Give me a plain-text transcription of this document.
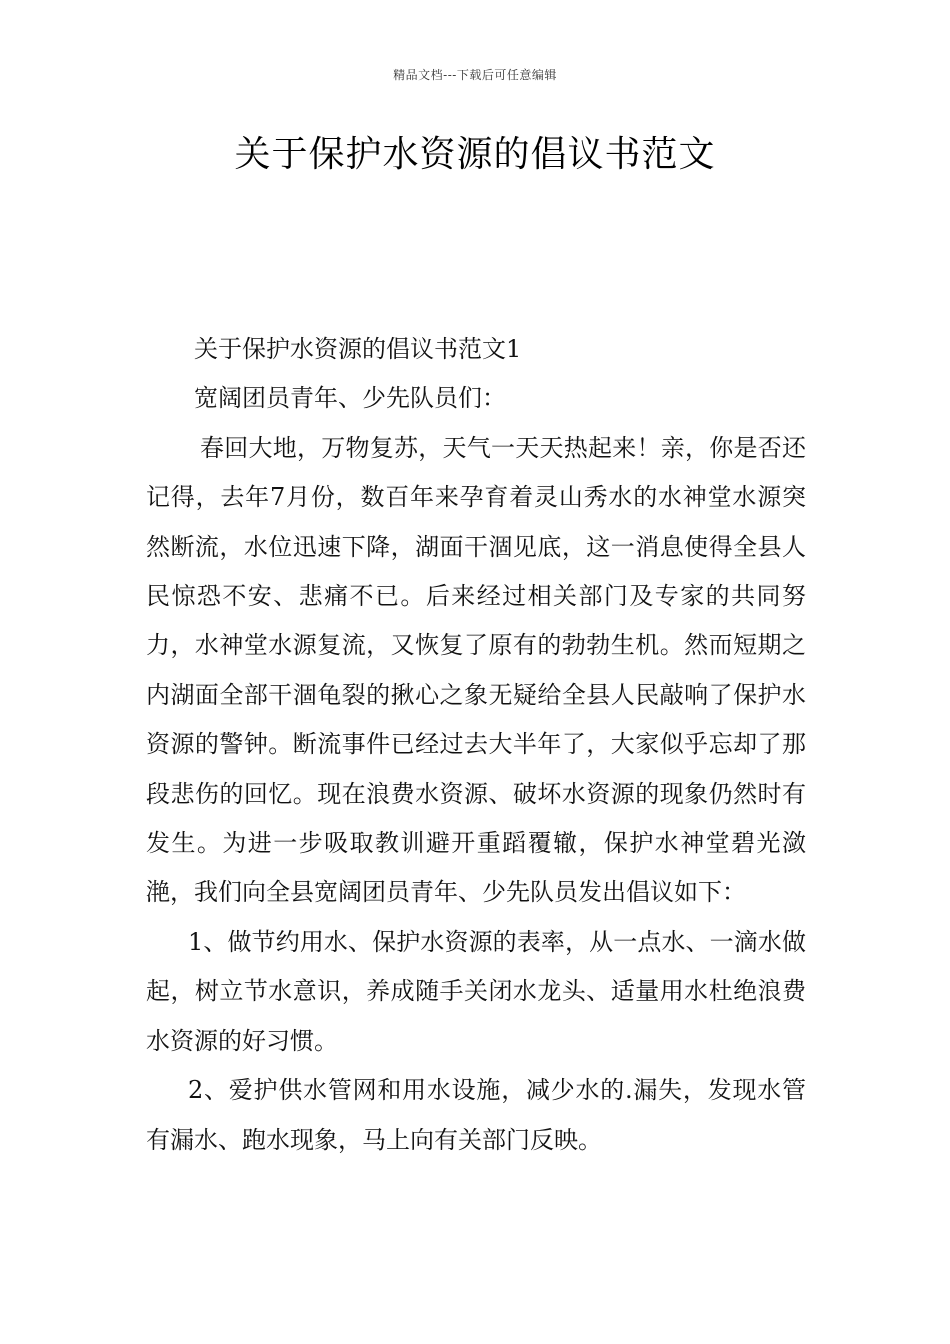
精品文档---下载后可任意编辑
关于保护水资源的倡议书范文

关于保护水资源的倡议书范文1

宽阔团员青年、少先队员们：

春回大地，万物复苏，天气一天天热起来！亲，你是否还记得，去年7月份，数百年来孕育着灵山秀水的水神堂水源突然断流，水位迅速下降，湖面干涸见底，这一消息使得全县人民惊恐不安、悲痛不已。后来经过相关部门及专家的共同努力，水神堂水源复流，又恢复了原有的勃勃生机。然而短期之内湖面全部干涸龟裂的揪心之象无疑给全县人民敲响了保护水资源的警钟。断流事件已经过去大半年了，大家似乎忘却了那段悲伤的回忆。现在浪费水资源、破坏水资源的现象仍然时有发生。为进一步吸取教训避开重蹈覆辙，保护水神堂碧光潋滟，我们向全县宽阔团员青年、少先队员发出倡议如下：

1、做节约用水、保护水资源的表率，从一点水、一滴水做起，树立节水意识，养成随手关闭水龙头、适量用水杜绝浪费水资源的好习惯。

2、爱护供水管网和用水设施，减少水的.漏失，发现水管有漏水、跑水现象，马上向有关部门反映。
